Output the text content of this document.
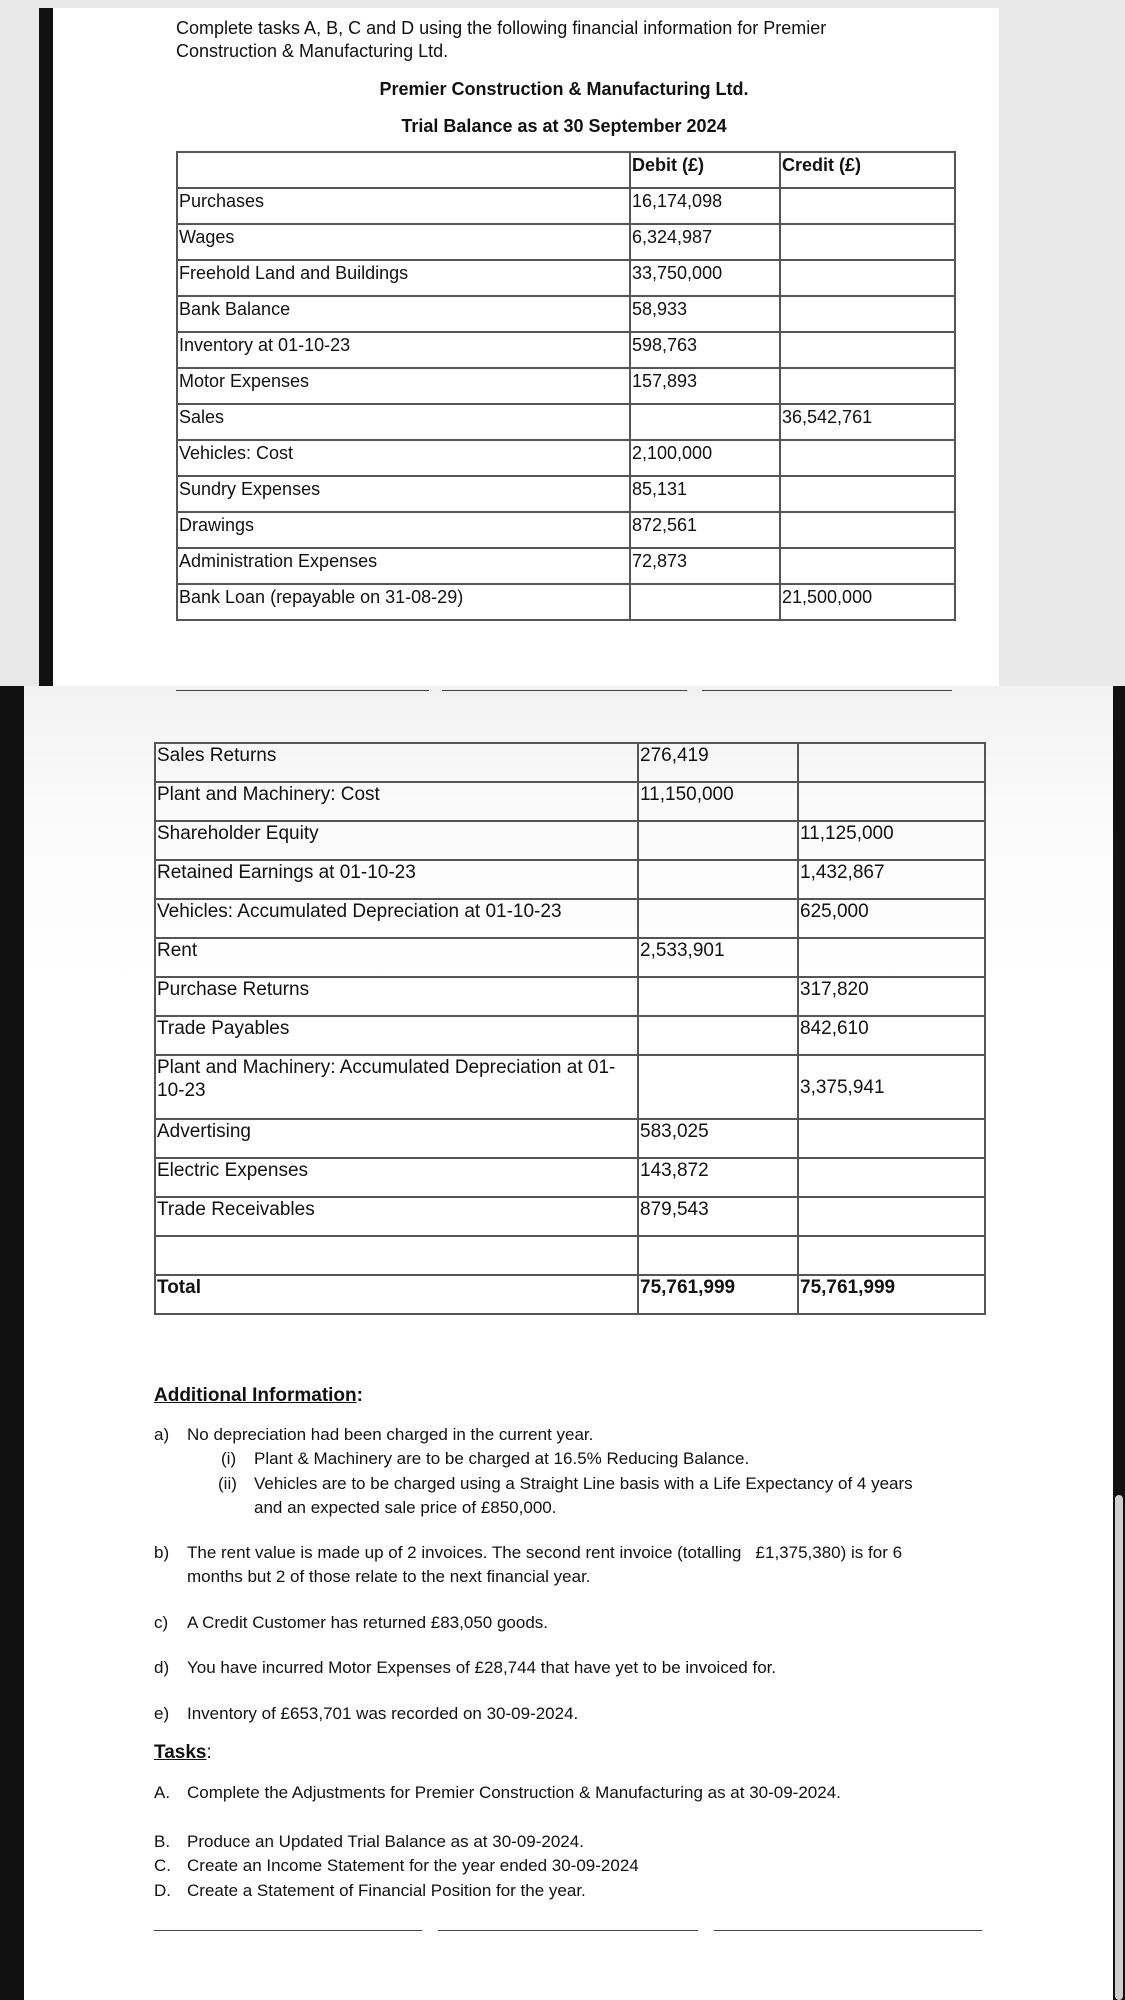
Complete tasks A, B, C and D using the following financial information for Premier
Construction & Manufacturing Ltd.
Premier Construction & Manufacturing Ltd.
Trial Balance as at 30 September 2024
	Debit (£)	Credit (£)
Purchases	16,174,098	
Wages	6,324,987	
Freehold Land and Buildings	33,750,000	
Bank Balance	58,933	
Inventory at 01-10-23	598,763	
Motor Expenses	157,893	
Sales		36,542,761
Vehicles: Cost	2,100,000	
Sundry Expenses	85,131	
Drawings	872,561	
Administration Expenses	72,873	
Bank Loan (repayable on 31-08-29)		21,500,000
Sales Returns	276,419	
Plant and Machinery: Cost	11,150,000	
Shareholder Equity		11,125,000
Retained Earnings at 01-10-23		1,432,867
Vehicles: Accumulated Depreciation at 01-10-23		625,000
Rent	2,533,901	
Purchase Returns		317,820
Trade Payables		842,610
Plant and Machinery: Accumulated Depreciation at 01-10-23		3,375,941
Advertising	583,025	
Electric Expenses	143,872	
Trade Receivables	879,543	

Total	75,761,999	75,761,999
Additional Information:
a) No depreciation had been charged in the current year.
(i) Plant & Machinery are to be charged at 16.5% Reducing Balance.
(ii) Vehicles are to be charged using a Straight Line basis with a Life Expectancy of 4 years
and an expected sale price of £850,000.
b) The rent value is made up of 2 invoices. The second rent invoice (totalling   £1,375,380) is for 6
months but 2 of those relate to the next financial year.
c) A Credit Customer has returned £83,050 goods.
d) You have incurred Motor Expenses of £28,744 that have yet to be invoiced for.
e) Inventory of £653,701 was recorded on 30-09-2024.
Tasks:
A. Complete the Adjustments for Premier Construction & Manufacturing as at 30-09-2024.
B. Produce an Updated Trial Balance as at 30-09-2024.
C. Create an Income Statement for the year ended 30-09-2024
D. Create a Statement of Financial Position for the year.
